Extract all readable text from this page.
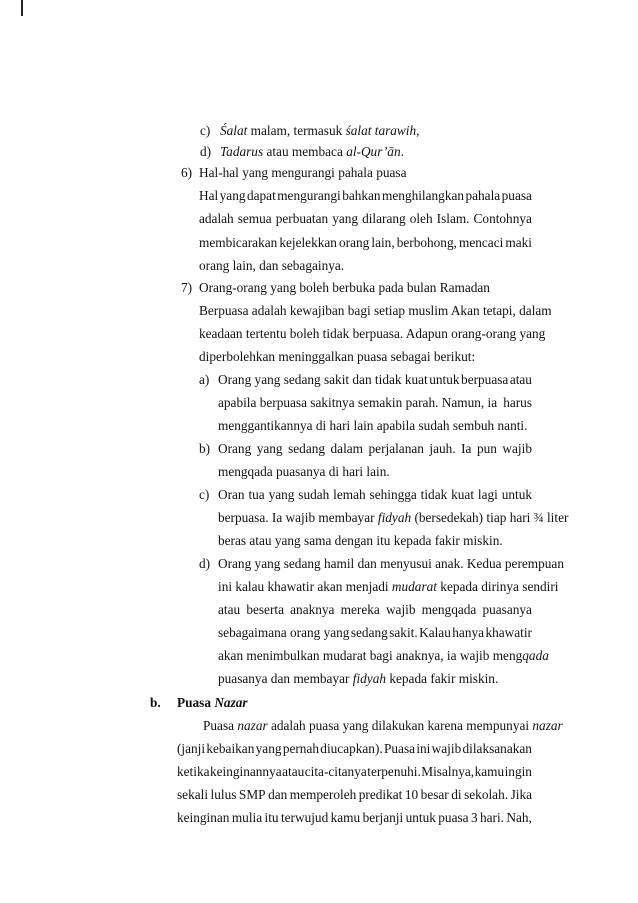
c) Śalat malam, termasuk śalat tarawih,
d) Tadarus atau membaca al-Qur’ān.
6) Hal-hal yang mengurangi pahala puasa
Hal yang dapat mengurangi bahkan menghilangkan pahala puasa
adalah semua perbuatan yang dilarang oleh Islam. Contohnya
membicarakan kejelekkan orang lain, berbohong, mencaci maki
orang lain, dan sebagainya.
7) Orang-orang yang boleh berbuka pada bulan Ramadan
Berpuasa adalah kewajiban bagi setiap muslim Akan tetapi, dalam
keadaan tertentu boleh tidak berpuasa. Adapun orang-orang yang
diperbolehkan meninggalkan puasa sebagai berikut:
a) Orang yang sedang sakit dan tidak kuat untuk berpuasa atau
apabila berpuasa sakitnya semakin parah. Namun, ia harus
menggantikannya di hari lain apabila sudah sembuh nanti.
b) Orang yang sedang dalam perjalanan jauh. Ia pun wajib
mengqada puasanya di hari lain.
c) Oran tua yang sudah lemah sehingga tidak kuat lagi untuk
berpuasa. Ia wajib membayar fidyah (bersedekah) tiap hari ¾ liter
beras atau yang sama dengan itu kepada fakir miskin.
d) Orang yang sedang hamil dan menyusui anak. Kedua perempuan
ini kalau khawatir akan menjadi mudarat kepada dirinya sendiri
atau beserta anaknya mereka wajib mengqada puasanya
sebagaimana orang yang sedang sakit. Kalau hanya khawatir
akan menimbulkan mudarat bagi anaknya, ia wajib mengqada
puasanya dan membayar fidyah kepada fakir miskin.
b. Puasa Nazar
Puasa nazar adalah puasa yang dilakukan karena mempunyai nazar
(janji kebaikan yang pernah diucapkan). Puasa ini wajib dilaksanakan
ketika keinginannya atau cita-citanya terpenuhi. Misalnya, kamu ingin
sekali lulus SMP dan memperoleh predikat 10 besar di sekolah. Jika
keinginan mulia itu terwujud kamu berjanji untuk puasa 3 hari. Nah,
